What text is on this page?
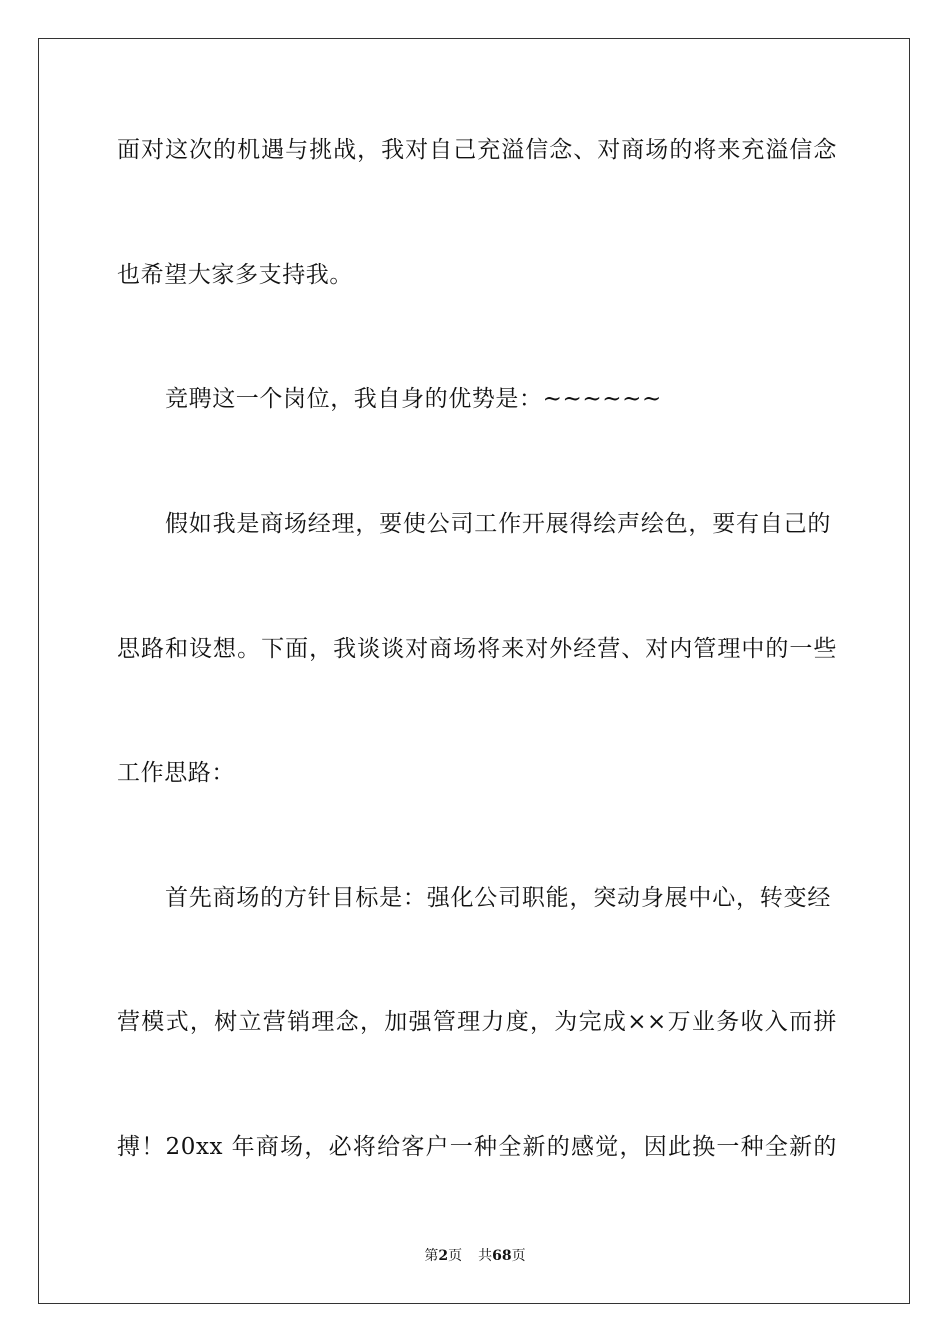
面对这次的机遇与挑战，我对自己充溢信念、对商场的将来充溢信念
也希望大家多支持我。
竞聘这一个岗位，我自身的优势是：~~~~~~
假如我是商场经理，要使公司工作开展得绘声绘色，要有自己的
思路和设想。下面，我谈谈对商场将来对外经营、对内管理中的一些
工作思路：
首先商场的方针目标是：强化公司职能，突动身展中心，转变经
营模式，树立营销理念，加强管理力度，为完成××万业务收入而拼
搏！20xx 年商场，必将给客户一种全新的感觉，因此换一种全新的
第2页 共68页
